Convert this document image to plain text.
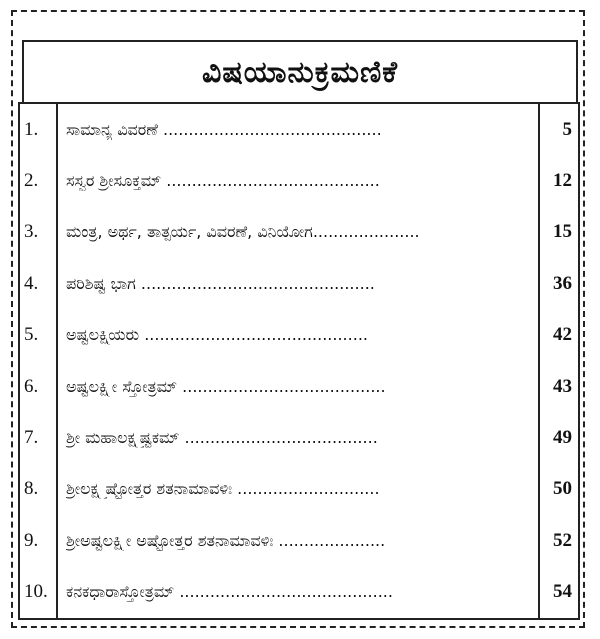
ವಿಷಯಾನುಕ್ರಮಣಿಕೆ
1.	ಸಾಮಾನ್ಯ ವಿವರಣೆ ...........................................	5
2.	ಸಸ್ವರ ಶ್ರೀಸೂಕ್ತಮ್ ..........................................	12
3.	ಮಂತ್ರ, ಅರ್ಥ, ತಾತ್ಪರ್ಯ, ವಿವರಣೆ, ವಿನಿಯೋಗ.....................	15
4.	ಪರಿಶಿಷ್ಟ ಭಾಗ ..............................................	36
5.	ಅಷ್ಟಲಕ್ಷ್ಮಿಯರು ............................................	42
6.	ಅಷ್ಟಲಕ್ಷ್ಮೀ ಸ್ತೋತ್ರಮ್ ........................................	43
7.	ಶ್ರೀ ಮಹಾಲಕ್ಷ್ಮ್ಯಷ್ಟಕಮ್ ......................................	49
8.	ಶ್ರೀಲಕ್ಷ್ಮ್ಯಷ್ಟೋತ್ತರ ಶತನಾಮಾವಳಿಃ ............................	50
9.	ಶ್ರೀಅಷ್ಟಲಕ್ಷ್ಮೀ ಅಷ್ಟೋತ್ತರ ಶತನಾಮಾವಳಿಃ .....................	52
10.	ಕನಕಧಾರಾಸ್ತೋತ್ರಮ್ ..........................................	54
